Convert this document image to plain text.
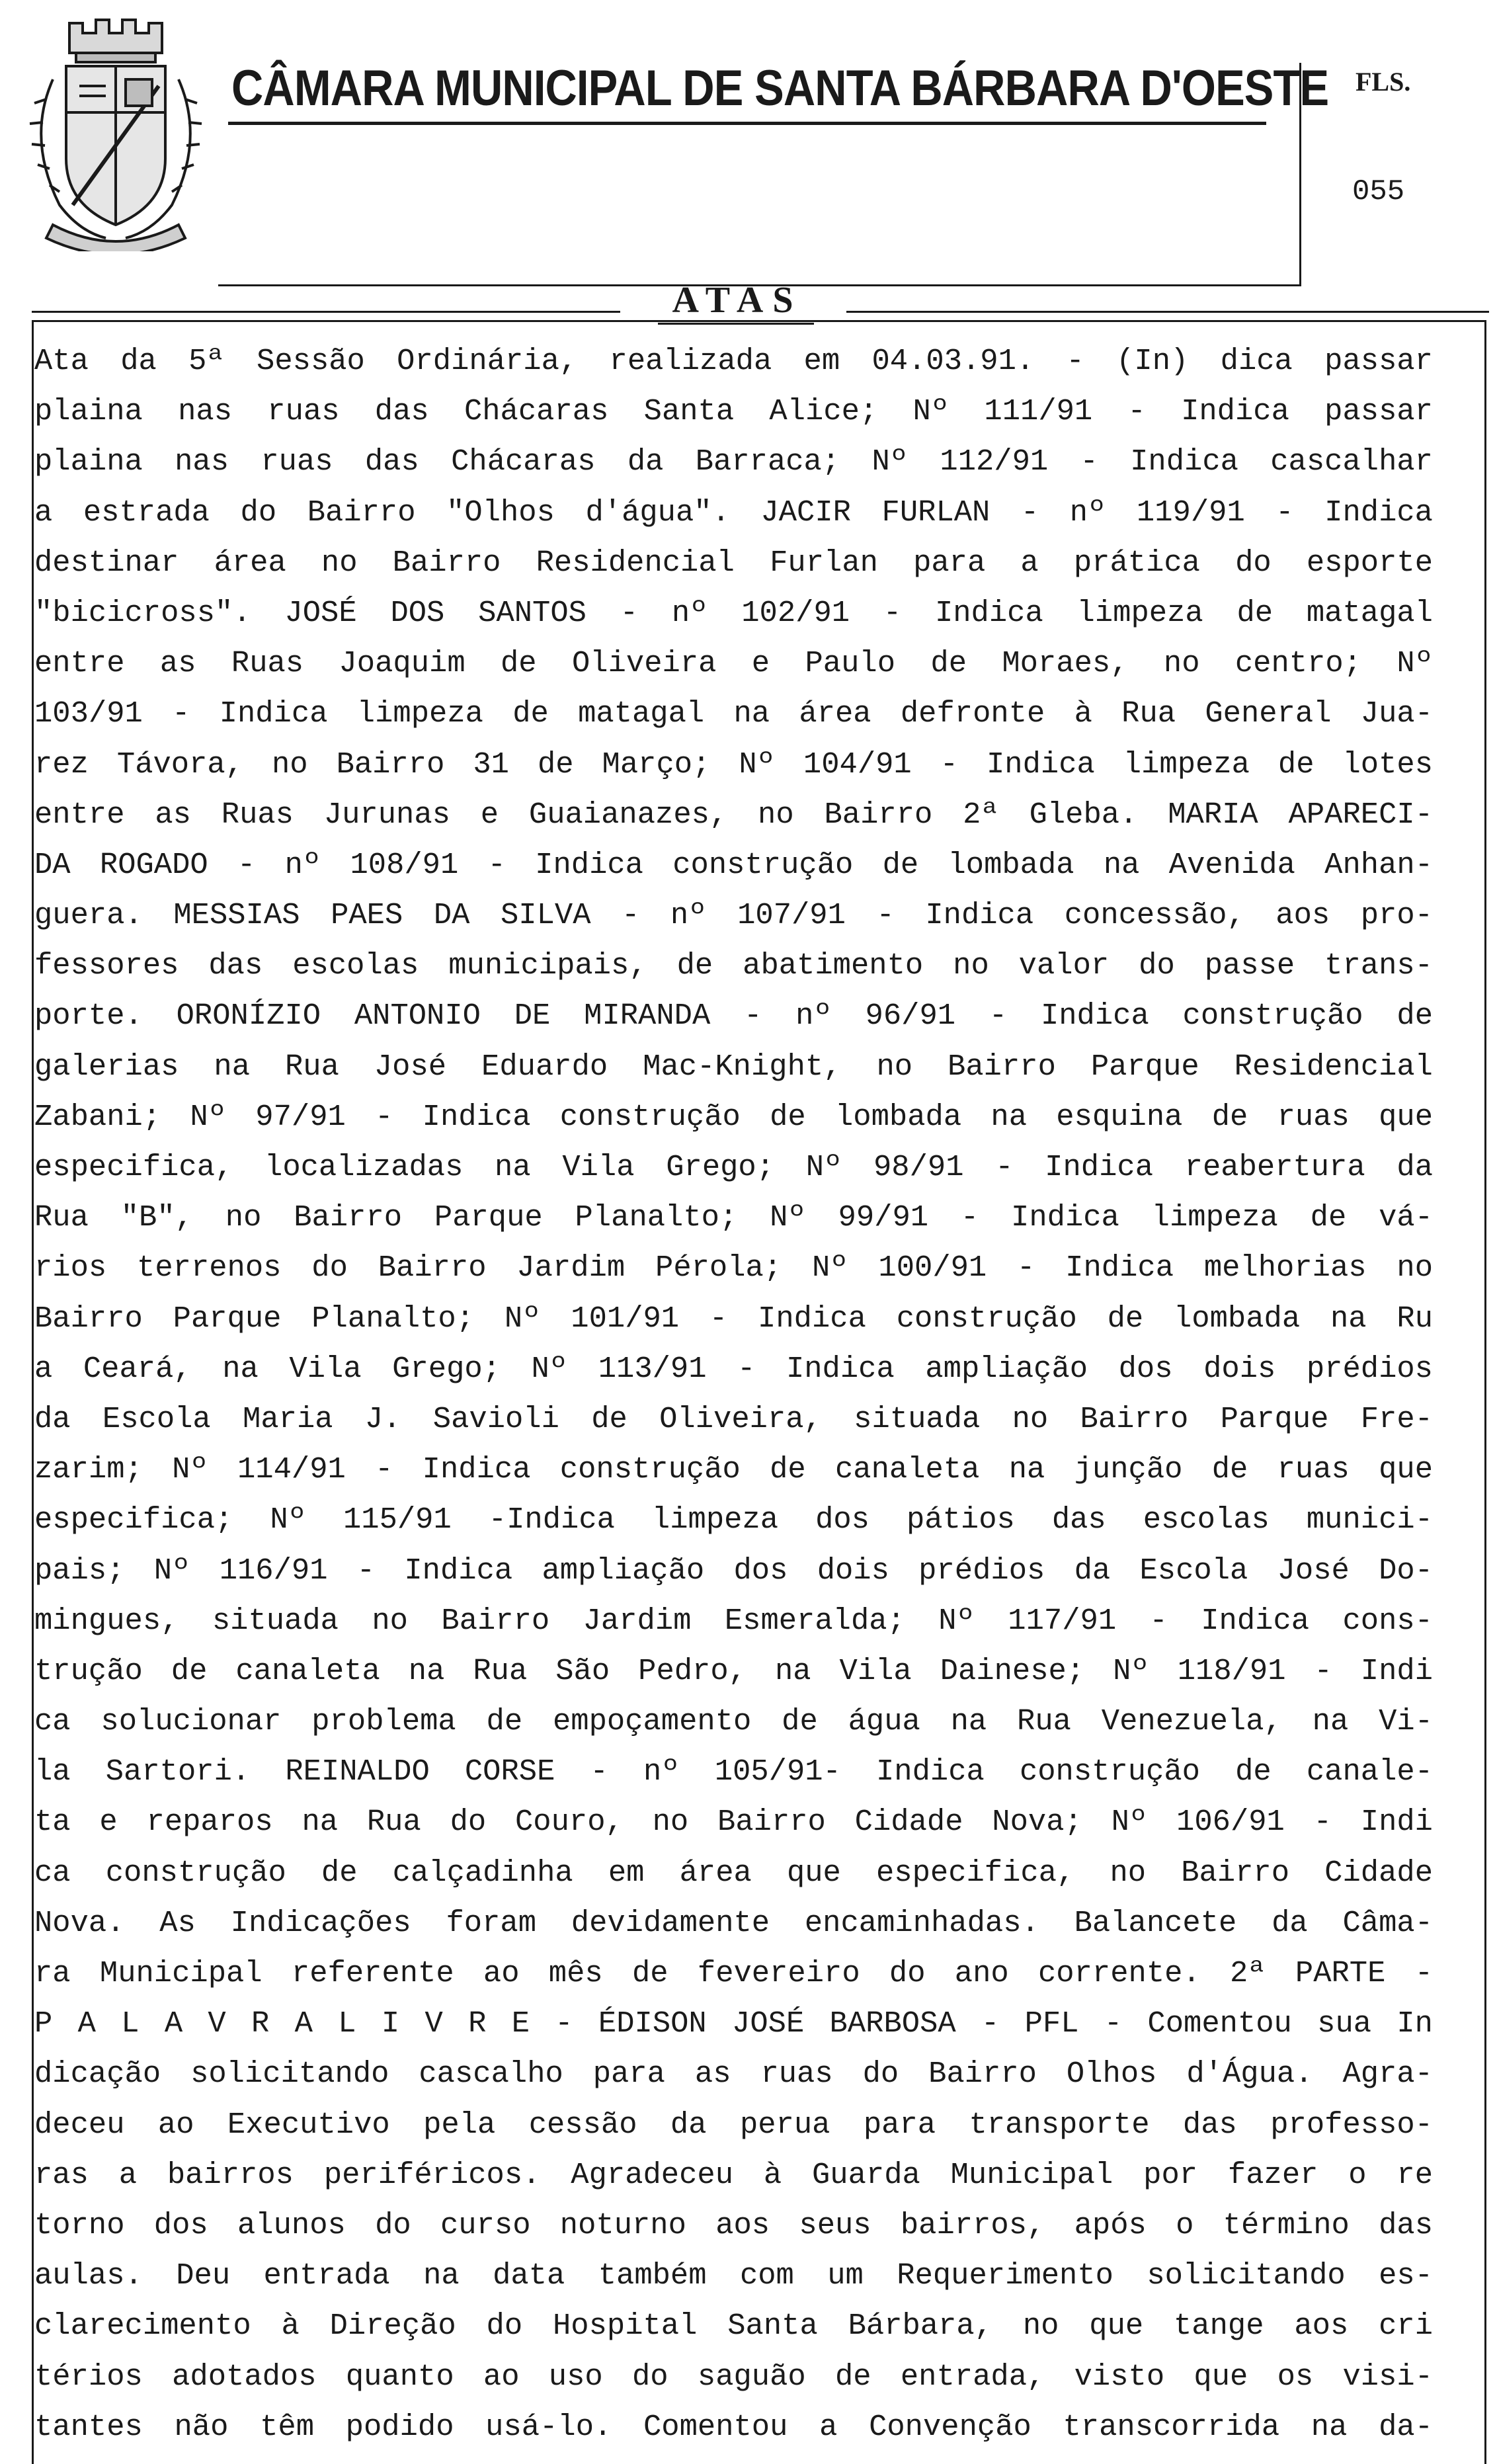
CÂMARA MUNICIPAL DE SANTA BÁRBARA D'OESTE FLS.
055
ATAS
Ata da 5ª Sessão Ordinária, realizada em 04.03.91. - (In) dica passar
plaina nas ruas das Chácaras Santa Alice; Nº 111/91 - Indica passar
plaina nas ruas das Chácaras da Barraca; Nº 112/91 - Indica cascalhar
a estrada do Bairro "Olhos d'água". JACIR FURLAN - nº 119/91 - Indica
destinar área no Bairro Residencial Furlan para a prática do esporte
"bicicross". JOSÉ DOS SANTOS - nº 102/91 - Indica limpeza de matagal
entre as Ruas Joaquim de Oliveira e Paulo de Moraes, no centro; Nº
103/91 - Indica limpeza de matagal na área defronte à Rua General Jua-
rez Távora, no Bairro 31 de Março; Nº 104/91 - Indica limpeza de lotes
entre as Ruas Jurunas e Guaianazes, no Bairro 2ª Gleba. MARIA APARECI-
DA ROGADO - nº 108/91 - Indica construção de lombada na Avenida Anhan-
guera. MESSIAS PAES DA SILVA - nº 107/91 - Indica concessão, aos pro-
fessores das escolas municipais, de abatimento no valor do passe trans-
porte. ORONÍZIO ANTONIO DE MIRANDA - nº 96/91 - Indica construção de
galerias na Rua José Eduardo Mac-Knight, no Bairro Parque Residencial
Zabani; Nº 97/91 - Indica construção de lombada na esquina de ruas que
especifica, localizadas na Vila Grego; Nº 98/91 - Indica reabertura da
Rua "B", no Bairro Parque Planalto; Nº 99/91 - Indica limpeza de vá-
rios terrenos do Bairro Jardim Pérola; Nº 100/91 - Indica melhorias no
Bairro Parque Planalto; Nº 101/91 - Indica construção de lombada na Ru
a Ceará, na Vila Grego; Nº 113/91 - Indica ampliação dos dois prédios
da Escola Maria J. Savioli de Oliveira, situada no Bairro Parque Fre-
zarim; Nº 114/91 - Indica construção de canaleta na junção de ruas que
especifica; Nº 115/91 -Indica limpeza dos pátios das escolas munici-
pais; Nº 116/91 - Indica ampliação dos dois prédios da Escola José Do-
mingues, situada no Bairro Jardim Esmeralda; Nº 117/91 - Indica cons-
trução de canaleta na Rua São Pedro, na Vila Dainese; Nº 118/91 - Indi
ca solucionar problema de empoçamento de água na Rua Venezuela, na Vi-
la Sartori. REINALDO CORSE - nº 105/91- Indica construção de canale-
ta e reparos na Rua do Couro, no Bairro Cidade Nova; Nº 106/91 - Indi
ca construção de calçadinha em área que especifica, no Bairro Cidade
Nova. As Indicações foram devidamente encaminhadas. Balancete da Câma-
ra Municipal referente ao mês de fevereiro do ano corrente. 2ª PARTE -
P A L A V R A L I V R E - ÉDISON JOSÉ BARBOSA - PFL - Comentou sua In
dicação solicitando cascalho para as ruas do Bairro Olhos d'Água. Agra-
deceu ao Executivo pela cessão da perua para transporte das professo-
ras a bairros periféricos. Agradeceu à Guarda Municipal por fazer o re
torno dos alunos do curso noturno aos seus bairros, após o término das
aulas. Deu entrada na data também com um Requerimento solicitando es-
clarecimento à Direção do Hospital Santa Bárbara, no que tange aos cri
térios adotados quanto ao uso do saguão de entrada, visto que os visi-
tantes não têm podido usá-lo. Comentou a Convenção transcorrida na da-
